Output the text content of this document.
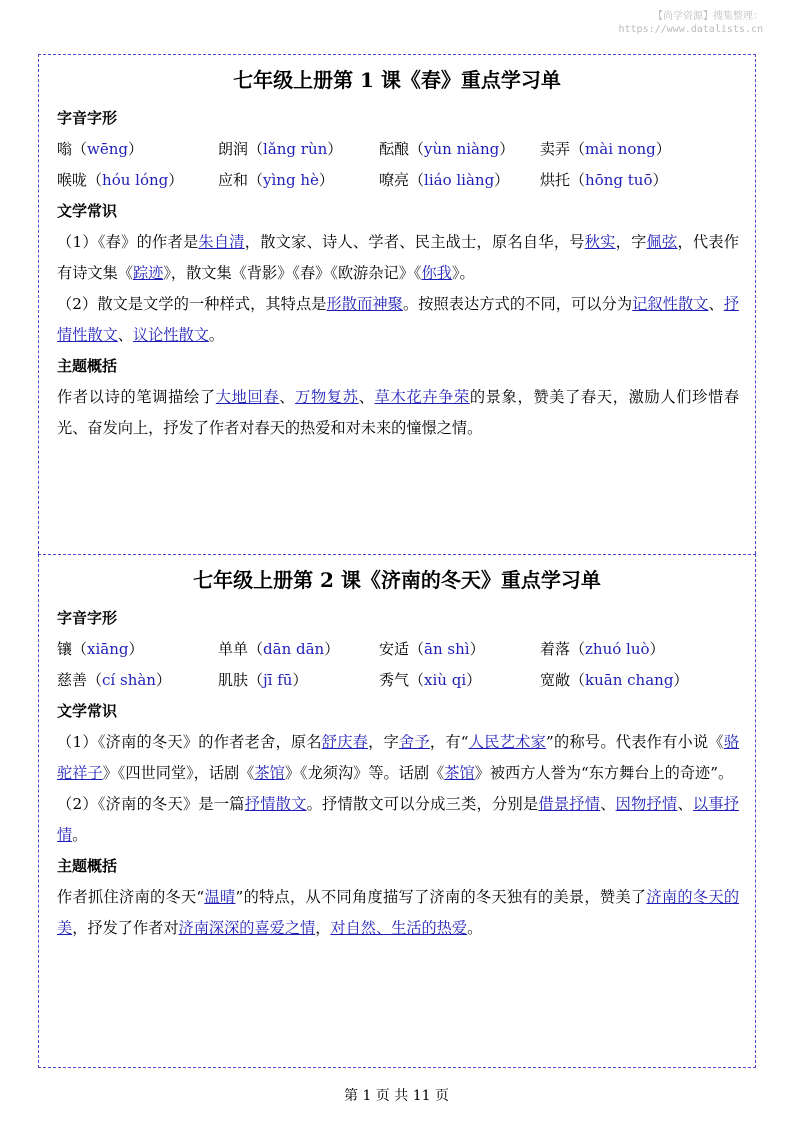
【尚学资源】搜集整理：
https://www.datalists.cn
七年级上册第 1 课《春》重点学习单
字音字形
嗡（wēng）	朗润（lǎng rùn）	酝酿（yùn niàng）	卖弄（mài nong）
喉咙（hóu lóng）	应和（yìng hè）	嘹亮（liáo liàng）	烘托（hōng tuō）
文学常识

（1）《春》的作者是朱自清，散文家、诗人、学者、民主战士，原名自华，号秋实，字佩弦，代表作有诗文集《踪迹》，散文集《背影》《春》《欧游杂记》《你我》。

（2）散文是文学的一种样式，其特点是形散而神聚。按照表达方式的不同，可以分为记叙性散文、抒情性散文、议论性散文。

主题概括

作者以诗的笔调描绘了大地回春、万物复苏、草木花卉争荣的景象，赞美了春天，激励人们珍惜春光、奋发向上，抒发了作者对春天的热爱和对未来的憧憬之情。

七年级上册第 2 课《济南的冬天》重点学习单
字音字形
镶（xiāng）	单单（dān dān）	安适（ān shì）	着落（zhuó luò）
慈善（cí shàn）	肌肤（jī fū）	秀气（xiù qi）	宽敞（kuān chang）
文学常识

（1）《济南的冬天》的作者老舍，原名舒庆春，字舍予，有“人民艺术家”的称号。代表作有小说《骆驼祥子》《四世同堂》，话剧《茶馆》《龙须沟》等。话剧《茶馆》被西方人誉为“东方舞台上的奇迹”。

（2）《济南的冬天》是一篇抒情散文。抒情散文可以分成三类，分别是借景抒情、因物抒情、以事抒情。

主题概括

作者抓住济南的冬天“温晴”的特点，从不同角度描写了济南的冬天独有的美景，赞美了济南的冬天的美，抒发了作者对济南深深的喜爱之情，对自然、生活的热爱。

第 1 页 共 11 页
